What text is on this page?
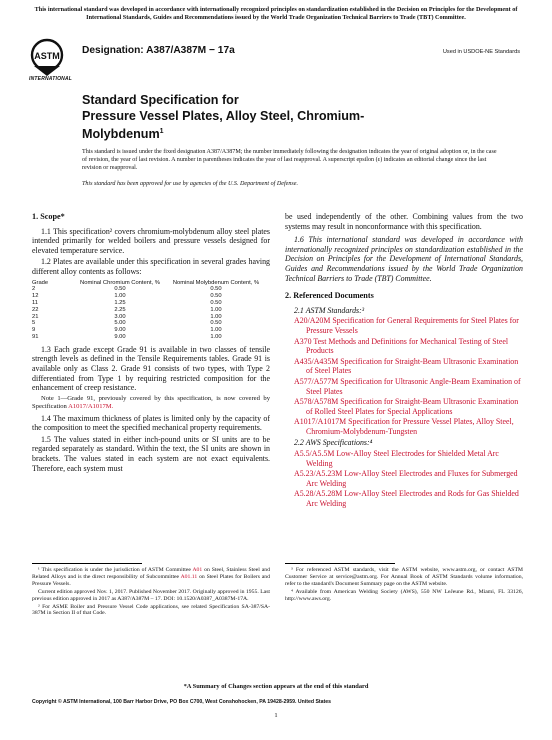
This international standard was developed in accordance with internationally recognized principles on standardization established in the Decision on Principles for the Development of International Standards, Guides and Recommendations issued by the World Trade Organization Technical Barriers to Trade (TBT) Committee.
ASTM
INTERNATIONAL
Designation: A387/A387M − 17a	Used in USDOE-NE Standards
Standard Specification for
Pressure Vessel Plates, Alloy Steel, Chromium-
Molybdenum$^1$
This standard is issued under the fixed designation A387/A387M; the number immediately following the designation indicates the year of original adoption or, in the case of revision, the year of last revision. A number in parentheses indicates the year of last reapproval. A superscript epsilon (ε) indicates an editorial change since the last revision or reapproval.
This standard has been approved for use by agencies of the U.S. Department of Defense.
1. Scope*

1.1 This specification² covers chromium-molybdenum alloy steel plates intended primarily for welded boilers and pressure vessels designed for elevated temperature service.

1.2 Plates are available under this specification in several grades having different alloy contents as follows:

Grade	Nominal Chromium Content, %	Nominal Molybdenum Content, %
2	0.50	0.50
12	1.00	0.50
11	1.25	0.50
22	2.25	1.00
21	3.00	1.00
5	5.00	0.50
9	9.00	1.00
91	9.00	1.00

1.3 Each grade except Grade 91 is available in two classes of tensile strength levels as defined in the Tensile Requirements tables. Grade 91 is available only as Class 2. Grade 91 consists of two types, with Type 2 differentiated from Type 1 by requiring restricted composition for the enhancement of creep resistance.

Note 1—Grade 91, previously covered by this specification, is now covered by Specification A1017/A1017M.

1.4 The maximum thickness of plates is limited only by the capacity of the composition to meet the specified mechanical property requirements.

1.5 The values stated in either inch-pound units or SI units are to be regarded separately as standard. Within the text, the SI units are shown in brackets. The values stated in each system are not exact equivalents. Therefore, each system must

be used independently of the other. Combining values from the two systems may result in nonconformance with this specification.

1.6 This international standard was developed in accordance with internationally recognized principles on standardization established in the Decision on Principles for the Development of International Standards, Guides and Recommendations issued by the World Trade Organization Technical Barriers to Trade (TBT) Committee.

2. Referenced Documents
2.1 ASTM Standards:³
A20/A20M Specification for General Requirements for Steel Plates for Pressure Vessels
A370 Test Methods and Definitions for Mechanical Testing of Steel Products
A435/A435M Specification for Straight-Beam Ultrasonic Examination of Steel Plates
A577/A577M Specification for Ultrasonic Angle-Beam Examination of Steel Plates
A578/A578M Specification for Straight-Beam Ultrasonic Examination of Rolled Steel Plates for Special Applications
A1017/A1017M Specification for Pressure Vessel Plates, Alloy Steel, Chromium-Molybdenum-Tungsten
2.2 AWS Specifications:⁴
A5.5/A5.5M Low-Alloy Steel Electrodes for Shielded Metal Arc Welding
A5.23/A5.23M Low-Alloy Steel Electrodes and Fluxes for Submerged Arc Welding
A5.28/A5.28M Low-Alloy Steel Electrodes and Rods for Gas Shielded Arc Welding

¹ This specification is under the jurisdiction of ASTM Committee A01 on Steel, Stainless Steel and Related Alloys and is the direct responsibility of Subcommittee A01.11 on Steel Plates for Boilers and Pressure Vessels.

Current edition approved Nov. 1, 2017. Published November 2017. Originally approved in 1955. Last previous edition approved in 2017 as A387/A387M – 17. DOI: 10.1520/A0387_A0387M-17A.

² For ASME Boiler and Pressure Vessel Code applications, see related Specification SA-387/SA-387M in Section II of that Code.

³ For referenced ASTM standards, visit the ASTM website, www.astm.org, or contact ASTM Customer Service at service@astm.org. For Annual Book of ASTM Standards volume information, refer to the standard's Document Summary page on the ASTM website.

⁴ Available from American Welding Society (AWS), 550 NW LeJeune Rd., Miami, FL 33126, http://www.aws.org.

*A Summary of Changes section appears at the end of this standard
Copyright © ASTM International, 100 Barr Harbor Drive, PO Box C700, West Conshohocken, PA 19428-2959. United States
1
